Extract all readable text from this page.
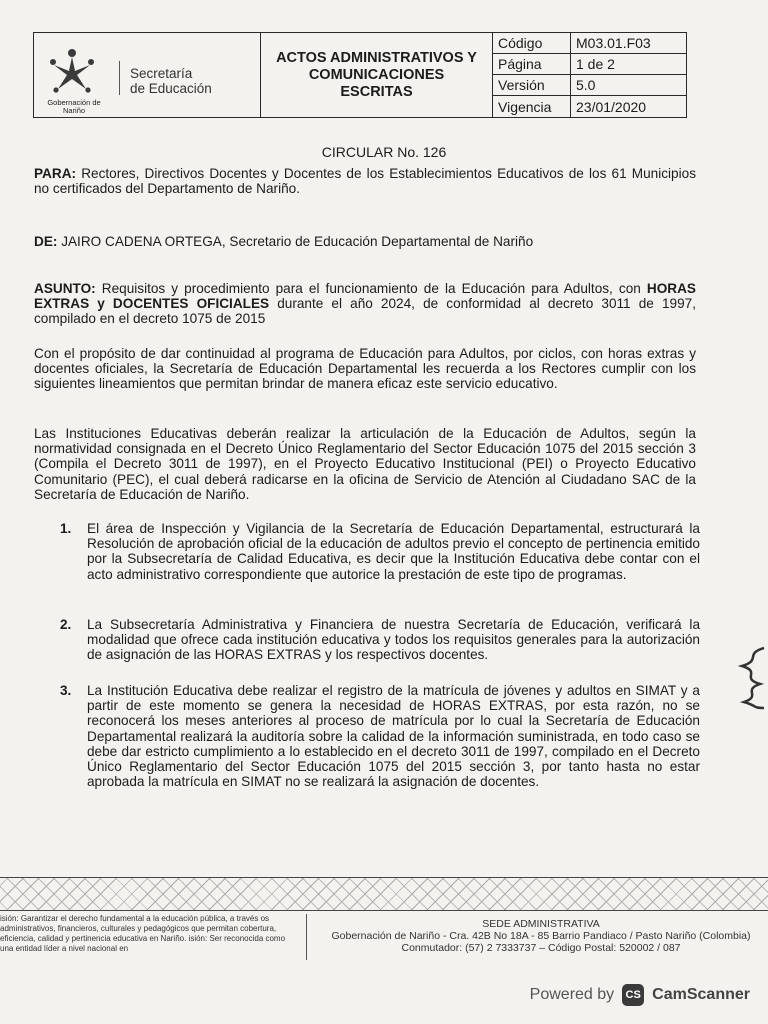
Gobernación de Nariño
Secretaría
de Educación
ACTOS ADMINISTRATIVOS Y COMUNICACIONES ESCRITAS
Código	M03.01.F03
Página	1 de 2
Versión	5.0
Vigencia	23/01/2020
CIRCULAR No. 126
PARA: Rectores, Directivos Docentes y Docentes de los Establecimientos Educativos de los 61 Municipios no certificados del Departamento de Nariño.
DE: JAIRO CADENA ORTEGA, Secretario de Educación Departamental de Nariño
ASUNTO: Requisitos y procedimiento para el funcionamiento de la Educación para Adultos, con HORAS EXTRAS y DOCENTES OFICIALES durante el año 2024, de conformidad al decreto 3011 de 1997, compilado en el decreto 1075 de 2015
Con el propósito de dar continuidad al programa de Educación para Adultos, por ciclos, con horas extras y docentes oficiales, la Secretaría de Educación Departamental les recuerda a los Rectores cumplir con los siguientes lineamientos que permitan brindar de manera eficaz este servicio educativo.
Las Instituciones Educativas deberán realizar la articulación de la Educación de Adultos, según la normatividad consignada en el Decreto Único Reglamentario del Sector Educación 1075 del 2015 sección 3 (Compila el Decreto 3011 de 1997), en el Proyecto Educativo Institucional (PEI) o Proyecto Educativo Comunitario (PEC), el cual deberá radicarse en la oficina de Servicio de Atención al Ciudadano SAC de la Secretaría de Educación de Nariño.
1. El área de Inspección y Vigilancia de la Secretaría de Educación Departamental, estructurará la Resolución de aprobación oficial de la educación de adultos previo el concepto de pertinencia emitido por la Subsecretaría de Calidad Educativa, es decir que la Institución Educativa debe contar con el acto administrativo correspondiente que autorice la prestación de este tipo de programas.
2. La Subsecretaría Administrativa y Financiera de nuestra Secretaría de Educación, verificará la modalidad que ofrece cada institución educativa y todos los requisitos generales para la autorización de asignación de las HORAS EXTRAS y los respectivos docentes.
3. La Institución Educativa debe realizar el registro de la matrícula de jóvenes y adultos en SIMAT y a partir de este momento se genera la necesidad de HORAS EXTRAS, por esta razón, no se reconocerá los meses anteriores al proceso de matrícula por lo cual la Secretaría de Educación Departamental realizará la auditoría sobre la calidad de la información suministrada, en todo caso se debe dar estricto cumplimiento a lo establecido en el decreto 3011 de 1997, compilado en el Decreto Único Reglamentario del Sector Educación 1075 del 2015 sección 3, por tanto hasta no estar aprobada la matrícula en SIMAT no se realizará la asignación de docentes.
isión: Garantizar el derecho fundamental a la educación pública, a través os administrativos, financieros, culturales y pedagógicos que permitan cobertura, eficiencia, calidad y pertinencia educativa en Nariño. isión: Ser reconocida como una entidad líder a nivel nacional en
SEDE ADMINISTRATIVA
Gobernación de Nariño - Cra. 42B No 18A - 85 Barrio Pandiaco / Pasto Nariño (Colombia)
Conmutador: (57) 2 7333737 – Código Postal: 520002 / 087
Powered by	CS CamScanner
